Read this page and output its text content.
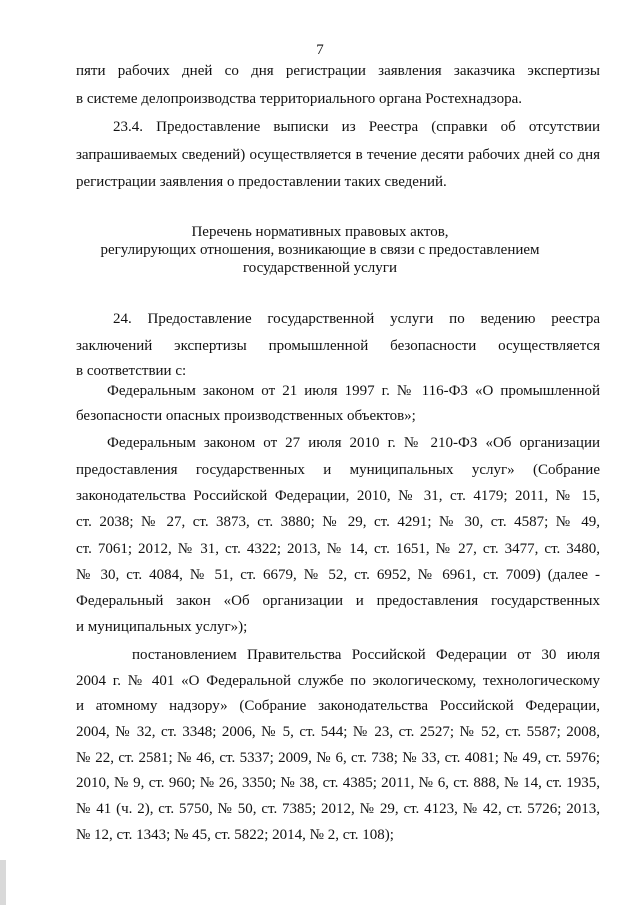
7
пяти рабочих дней со дня регистрации заявления заказчика экспертизы
в системе делопроизводства территориального органа Ростехнадзора.
23.4. Предоставление выписки из Реестра (справки об отсутствии
запрашиваемых сведений) осуществляется в течение десяти рабочих дней со дня
регистрации заявления о предоставлении таких сведений.
Перечень нормативных правовых актов,
регулирующих отношения, возникающие в связи с предоставлением
государственной услуги
24. Предоставление государственной услуги по ведению реестра
заключений экспертизы промышленной безопасности осуществляется
в соответствии с:
Федеральным законом от 21 июля 1997 г. № 116-ФЗ «О промышленной
безопасности опасных производственных объектов»;
Федеральным законом от 27 июля 2010 г. № 210-ФЗ «Об организации
предоставления государственных и муниципальных услуг» (Собрание
законодательства Российской Федерации, 2010, № 31, ст. 4179; 2011, № 15,
ст. 2038; № 27, ст. 3873, ст. 3880; № 29, ст. 4291; № 30, ст. 4587; № 49,
ст. 7061; 2012, № 31, ст. 4322; 2013, № 14, ст. 1651, № 27, ст. 3477, ст. 3480,
№ 30, ст. 4084, № 51, ст. 6679, № 52, ст. 6952, № 6961, ст. 7009) (далее -
Федеральный закон «Об организации и предоставления государственных
и муниципальных услуг»);
постановлением Правительства Российской Федерации от 30 июля
2004 г. № 401 «О Федеральной службе по экологическому, технологическому
и атомному надзору» (Собрание законодательства Российской Федерации,
2004, № 32, ст. 3348; 2006, № 5, ст. 544; № 23, ст. 2527; № 52, ст. 5587; 2008,
№ 22, ст. 2581; № 46, ст. 5337; 2009, № 6, ст. 738; № 33, ст. 4081; № 49, ст. 5976;
2010, № 9, ст. 960; № 26, 3350; № 38, ст. 4385; 2011, № 6, ст. 888, № 14, ст. 1935,
№ 41 (ч. 2), ст. 5750, № 50, ст. 7385; 2012, № 29, ст. 4123, № 42, ст. 5726; 2013,
№ 12, ст. 1343; № 45, ст. 5822; 2014, № 2, ст. 108);
